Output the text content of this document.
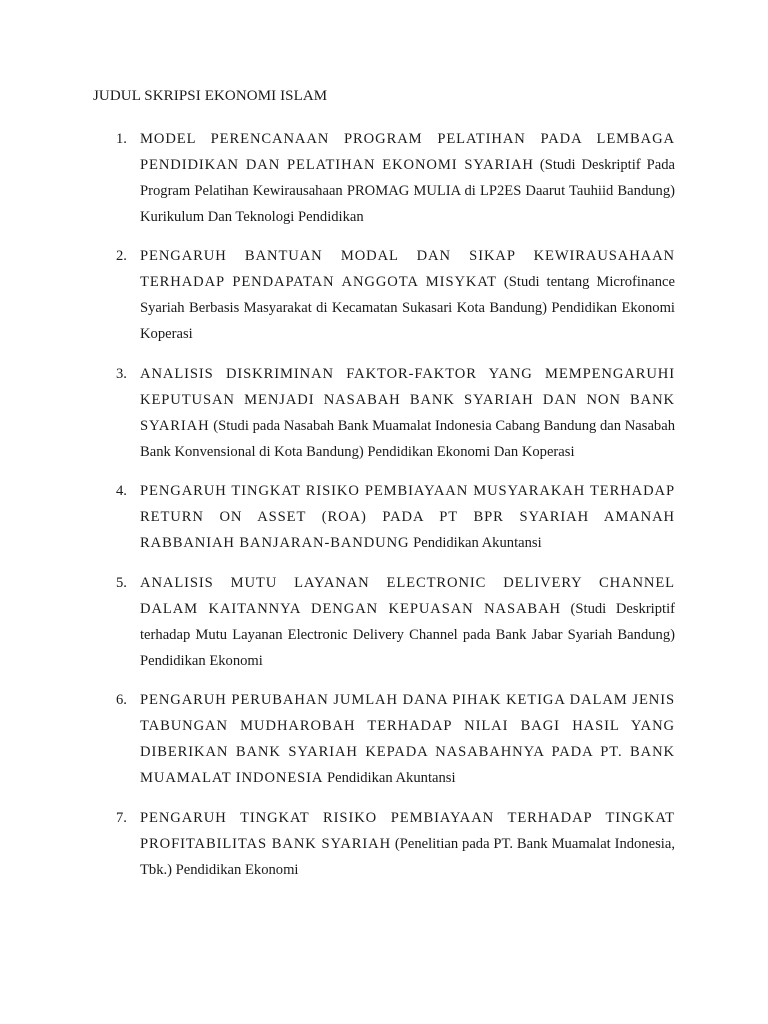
JUDUL SKRIPSI EKONOMI ISLAM
1. MODEL PERENCANAAN PROGRAM PELATIHAN PADA LEMBAGA PENDIDIKAN DAN PELATIHAN EKONOMI SYARIAH (Studi Deskriptif Pada Program Pelatihan Kewirausahaan PROMAG MULIA di LP2ES Daarut Tauhiid Bandung) Kurikulum Dan Teknologi Pendidikan
2. PENGARUH BANTUAN MODAL DAN SIKAP KEWIRAUSAHAAN TERHADAP PENDAPATAN ANGGOTA MISYKAT (Studi tentang Microfinance Syariah Berbasis Masyarakat di Kecamatan Sukasari Kota Bandung) Pendidikan Ekonomi Koperasi
3. ANALISIS DISKRIMINAN FAKTOR-FAKTOR YANG MEMPENGARUHI KEPUTUSAN MENJADI NASABAH BANK SYARIAH DAN NON BANK SYARIAH (Studi pada Nasabah Bank Muamalat Indonesia Cabang Bandung dan Nasabah Bank Konvensional di Kota Bandung) Pendidikan Ekonomi Dan Koperasi
4. PENGARUH TINGKAT RISIKO PEMBIAYAAN MUSYARAKAH TERHADAP RETURN ON ASSET (ROA) PADA PT BPR SYARIAH AMANAH RABBANIAH BANJARAN-BANDUNG Pendidikan Akuntansi
5. ANALISIS MUTU LAYANAN ELECTRONIC DELIVERY CHANNEL DALAM KAITANNYA DENGAN KEPUASAN NASABAH (Studi Deskriptif terhadap Mutu Layanan Electronic Delivery Channel pada Bank Jabar Syariah Bandung) Pendidikan Ekonomi
6. PENGARUH PERUBAHAN JUMLAH DANA PIHAK KETIGA DALAM JENIS TABUNGAN MUDHAROBAH TERHADAP NILAI BAGI HASIL YANG DIBERIKAN BANK SYARIAH KEPADA NASABAHNYA PADA PT. BANK MUAMALAT INDONESIA Pendidikan Akuntansi
7. PENGARUH TINGKAT RISIKO PEMBIAYAAN TERHADAP TINGKAT PROFITABILITAS BANK SYARIAH (Penelitian pada PT. Bank Muamalat Indonesia, Tbk.) Pendidikan Ekonomi
